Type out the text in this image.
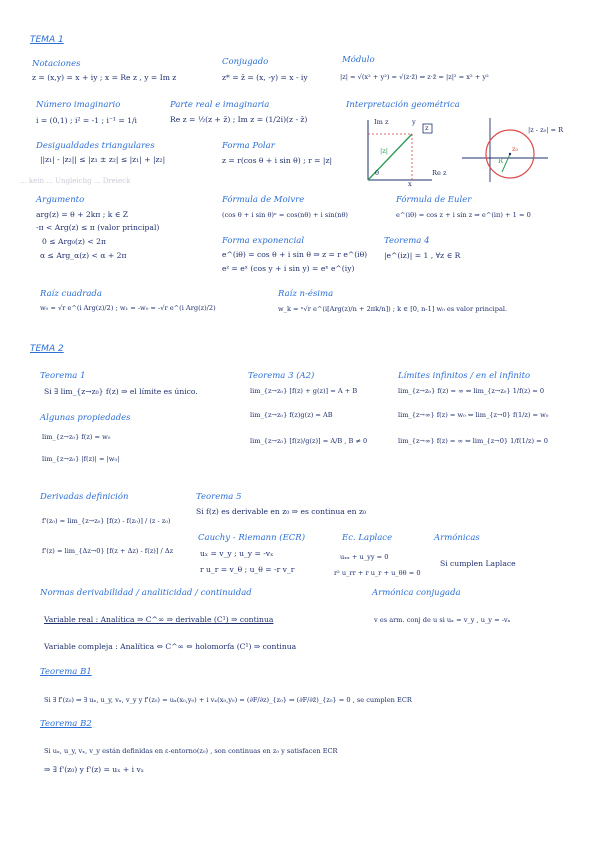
TEMA 1
Notaciones
z = (x,y) = x + iy ; x = Re z , y = Im z
Conjugado
z* = z̄ = (x, -y) = x - iy
Módulo
|z| = √(x² + y²) = √(z·z̄) ⇒ z·z̄ = |z|² = x² + y²
Número imaginario
i = (0,1) ; i² = -1 ; i⁻¹ = 1/i
Parte real e imaginaria
Re z = ½(z + z̄) ; Im z = (1/2i)(z - z̄)
Interpretación geométrica
Im z	y
z
|z|
θ	Re z
x
|z - z₀| = R
z₀
R
Desigualdades triangulares
||z₁| - |z₂|| ≤ |z₁ ± z₂| ≤ |z₁| + |z₂|
Forma Polar
z = r(cos θ + i sin θ) ; r = |z|
... kein ... Ungleichg ... Dreieck
Argumento
arg(z) = θ + 2kπ ; k ∈ Z
-π < Arg(z) ≤ π (valor principal)
0 ≤ Arg₀(z) < 2π
α ≤ Arg_α(z) < α + 2π
Fórmula de Moivre
(cos θ + i sin θ)ⁿ = cos(nθ) + i sin(nθ)
Fórmula de Euler
e^(iθ) = cos z + i sin z ⇒ e^(iπ) + 1 = 0
Forma exponencial
e^(iθ) = cos θ + i sin θ ⇒ z = r e^(iθ)
eᶻ = eˣ (cos y + i sin y) = eˣ e^(iy)
Teorema 4
|e^(iz)| = 1 , ∀z ∈ R
Raíz cuadrada
w₀ = √r e^(i Arg(z)/2) ; w₁ = -w₀ = -√r e^(i Arg(z)/2)
Raíz n-ésima
w_k = ⁿ√r e^(i[Arg(z)/n + 2πk/n]) ; k ∈ [0, n-1] w₀ es valor principal.
TEMA 2
Teorema 1
Si ∃ lim_{z→z₀} f(z) ⇒ el límite es único.
Teorema 3 (A2)
lim_{z→z₀} [f(z) + g(z)] = A + B
lim_{z→z₀} f(z)g(z) = AB
lim_{z→z₀} [f(z)/g(z)] = A/B , B ≠ 0
Límites infinitos / en el infinito
lim_{z→z₀} f(z) = ∞ ⇔ lim_{z→z₀} 1/f(z) = 0
lim_{z→∞} f(z) = w₀ ⇔ lim_{z→0} f(1/z) = w₀
lim_{z→∞} f(z) = ∞ ⇔ lim_{z→0} 1/f(1/z) = 0
Algunas propiedades
lim_{z→z₀} f(z) = w₀
lim_{z→z₀} |f(z)| = |w₀|
Derivadas definición
f'(z₀) = lim_{z→z₀} [f(z) - f(z₀)] / (z - z₀)
f'(z) = lim_{Δz→0} [f(z + Δz) - f(z)] / Δz
Teorema 5
Si f(z) es derivable en z₀ ⇒ es continua en z₀
Cauchy - Riemann (ECR)
uₓ = v_y ; u_y = -vₓ
r u_r = v_θ ; u_θ = -r v_r
Ec. Laplace
uₓₓ + u_yy = 0
r² u_rr + r u_r + u_θθ = 0
Armónicas
Si cumplen Laplace
Normas derivabilidad / analiticidad / continuidad	Armónica conjugada
v es arm. conj de u si uₓ = v_y , u_y = -vₓ
Variable real : Analítica ⇒ C^∞ ⇒ derivable (C¹) ⇒ continua
Variable compleja : Analítica ⇔ C^∞ ⇔ holomorfa (C¹) ⇒ continua
Teorema B1
Si ∃ f'(z₀) ⇒ ∃ uₓ, u_y, vₓ, v_y y f'(z₀) = uₓ(x₀,y₀) + i vₓ(x₀,y₀) = (∂F/∂z)_{z₀} ⇒ (∂F/∂z̄)_{z₀} = 0 , se cumplen ECR
Teorema B2
Si uₓ, u_y, vₓ, v_y están definidas en ε-entorno(z₀) , son continuas en z₀ y satisfacen ECR
⇒ ∃ f'(z₀) y f'(z) = uₓ + i vₓ
